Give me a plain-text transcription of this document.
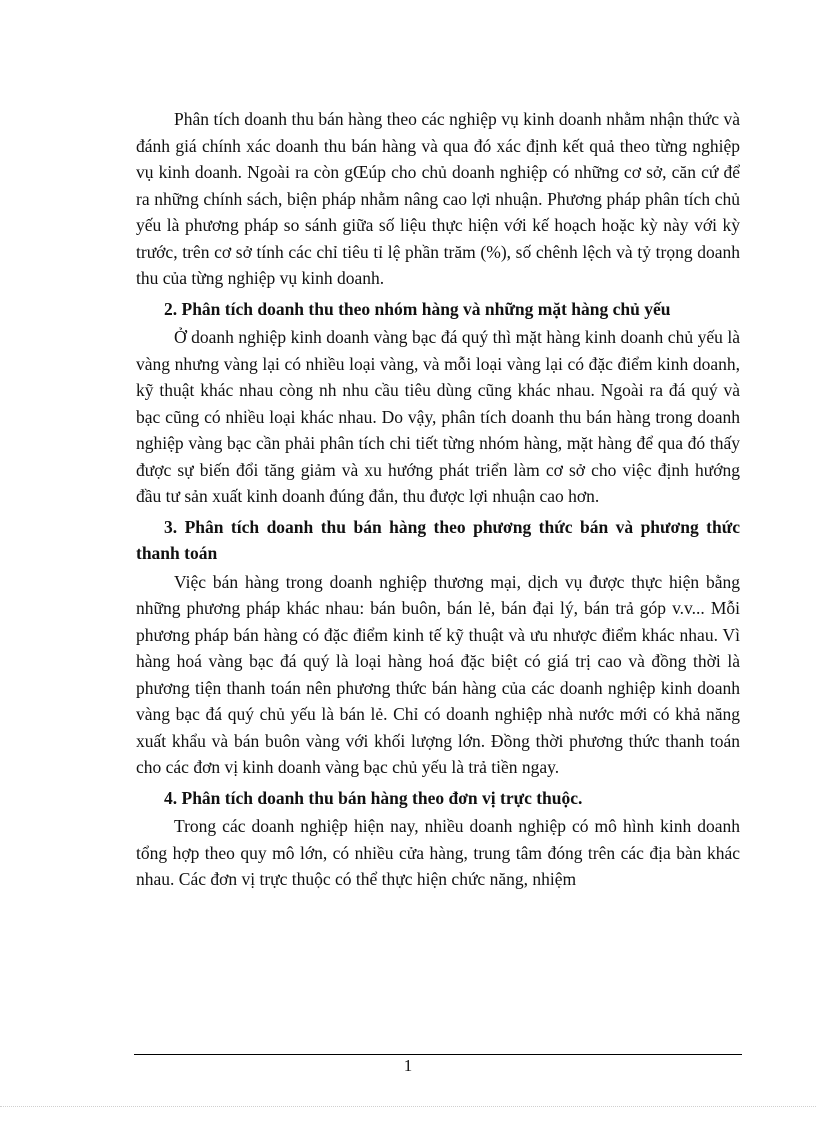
Phân tích doanh thu bán hàng theo các nghiệp vụ kinh doanh nhằm nhận thức và đánh giá chính xác doanh thu bán hàng và qua đó xác định kết quả theo từng nghiệp vụ kinh doanh. Ngoài ra còn gŒúp cho chủ doanh nghiệp có những cơ sở, căn cứ để ra những chính sách, biện pháp nhằm nâng cao lợi nhuận. Phương pháp phân tích chủ yếu là phương pháp so sánh giữa số liệu thực hiện với kế hoạch hoặc kỳ này với kỳ trước, trên cơ sở tính các chỉ tiêu tỉ lệ phần trăm (%), số chênh lệch và tỷ trọng doanh thu của từng nghiệp vụ kinh doanh.

2. Phân tích doanh thu theo nhóm hàng và những mặt hàng chủ yếu

Ở doanh nghiệp kinh doanh vàng bạc đá quý thì mặt hàng kinh doanh chủ yếu là vàng nhưng vàng lại có nhiều loại vàng, và mỗi loại vàng lại có đặc điểm kinh doanh, kỹ thuật khác nhau còng nh nhu cầu tiêu dùng cũng khác nhau. Ngoài ra đá quý và bạc cũng có nhiều loại khác nhau. Do vậy, phân tích doanh thu bán hàng trong doanh nghiệp vàng bạc cần phải phân tích chi tiết từng nhóm hàng, mặt hàng để qua đó thấy được sự biến đổi tăng giảm và xu hướng phát triển làm cơ sở cho việc định hướng đầu tư sản xuất kinh doanh đúng đắn, thu được lợi nhuận cao hơn.

3. Phân tích doanh thu bán hàng theo phương thức bán và phương thức thanh toán

Việc bán hàng trong doanh nghiệp thương mại, dịch vụ được thực hiện bằng những phương pháp khác nhau: bán buôn, bán lẻ, bán đại lý, bán trả góp v.v... Mỗi phương pháp bán hàng có đặc điểm kinh tế kỹ thuật và ưu nhược điểm khác nhau. Vì hàng hoá vàng bạc đá quý là loại hàng hoá đặc biệt có giá trị cao và đồng thời là phương tiện thanh toán nên phương thức bán hàng của các doanh nghiệp kinh doanh vàng bạc đá quý chủ yếu là bán lẻ. Chỉ có doanh nghiệp nhà nước mới có khả năng xuất khẩu và bán buôn vàng với khối lượng lớn. Đồng thời phương thức thanh toán cho các đơn vị kinh doanh vàng bạc chủ yếu là trả tiền ngay.

4. Phân tích doanh thu bán hàng theo đơn vị trực thuộc.

Trong các doanh nghiệp hiện nay, nhiều doanh nghiệp có mô hình kinh doanh tổng hợp theo quy mô lớn, có nhiều cửa hàng, trung tâm đóng trên các địa bàn khác nhau. Các đơn vị trực thuộc có thể thực hiện chức năng, nhiệm

1
